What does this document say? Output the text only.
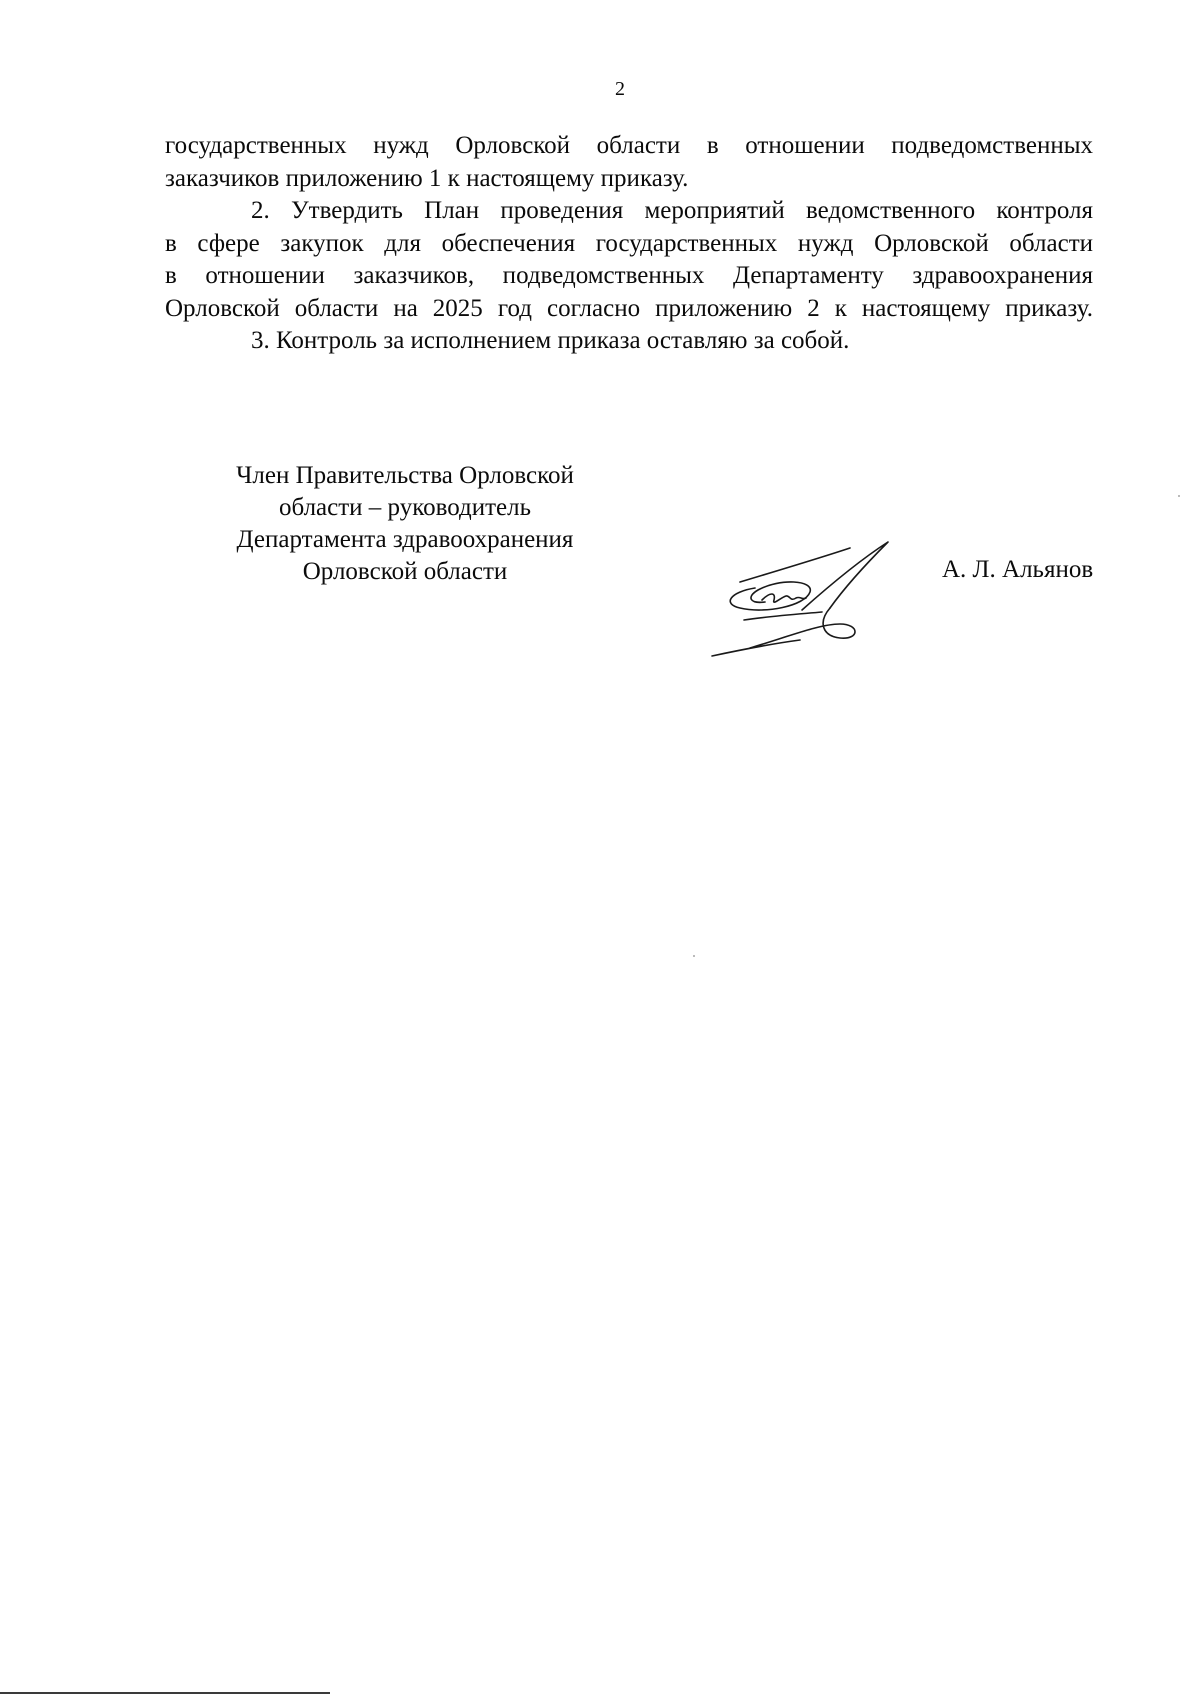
2

государственных нужд Орловской области в отношении подведомственных
заказчиков приложению 1 к настоящему приказу.

2. Утвердить План проведения мероприятий ведомственного контроля
в сфере закупок для обеспечения государственных нужд Орловской области
в отношении заказчиков, подведомственных Департаменту здравоохранения
Орловской области на 2025 год согласно приложению 2 к настоящему приказу.

3. Контроль за исполнением приказа оставляю за собой.

Член Правительства Орловской
области – руководитель
Департамента здравоохранения
Орловской области	А. Л. Альянов
